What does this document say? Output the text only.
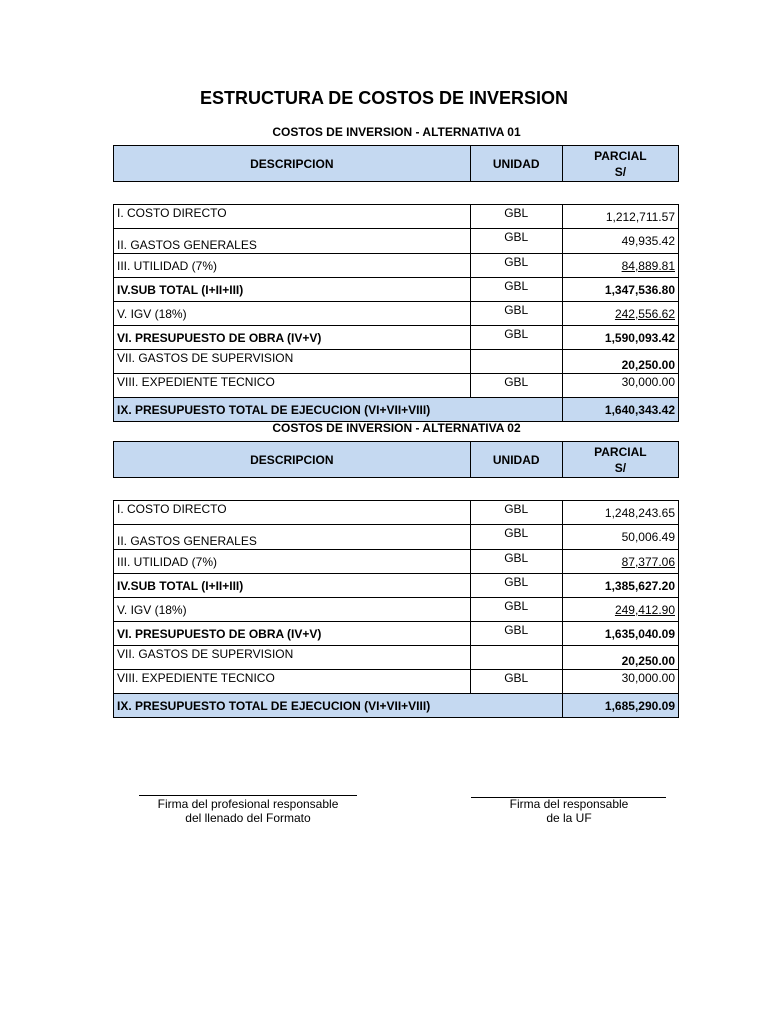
ESTRUCTURA DE COSTOS DE INVERSION
COSTOS DE INVERSION - ALTERNATIVA 01
DESCRIPCION	UNIDAD	PARCIAL
S/

I. COSTO DIRECTO	GBL	1,212,711.57
II. GASTOS GENERALES	GBL	49,935.42
III. UTILIDAD (7%)	GBL	84,889.81
IV.SUB TOTAL (I+II+III)	GBL	1,347,536.80
V. IGV (18%)	GBL	242,556.62
VI. PRESUPUESTO DE OBRA (IV+V)	GBL	1,590,093.42
VII. GASTOS DE SUPERVISION		20,250.00
VIII. EXPEDIENTE TECNICO	GBL	30,000.00
IX. PRESUPUESTO TOTAL DE EJECUCION (VI+VII+VIII)		1,640,343.42
COSTOS DE INVERSION - ALTERNATIVA 02
DESCRIPCION	UNIDAD	PARCIAL
S/

I. COSTO DIRECTO	GBL	1,248,243.65
II. GASTOS GENERALES	GBL	50,006.49
III. UTILIDAD (7%)	GBL	87,377.06
IV.SUB TOTAL (I+II+III)	GBL	1,385,627.20
V. IGV (18%)	GBL	249,412.90
VI. PRESUPUESTO DE OBRA (IV+V)	GBL	1,635,040.09
VII. GASTOS DE SUPERVISION		20,250.00
VIII. EXPEDIENTE TECNICO	GBL	30,000.00
IX. PRESUPUESTO TOTAL DE EJECUCION (VI+VII+VIII)		1,685,290.09
Firma del profesional responsable
del llenado del Formato
Firma del responsable
de la UF
